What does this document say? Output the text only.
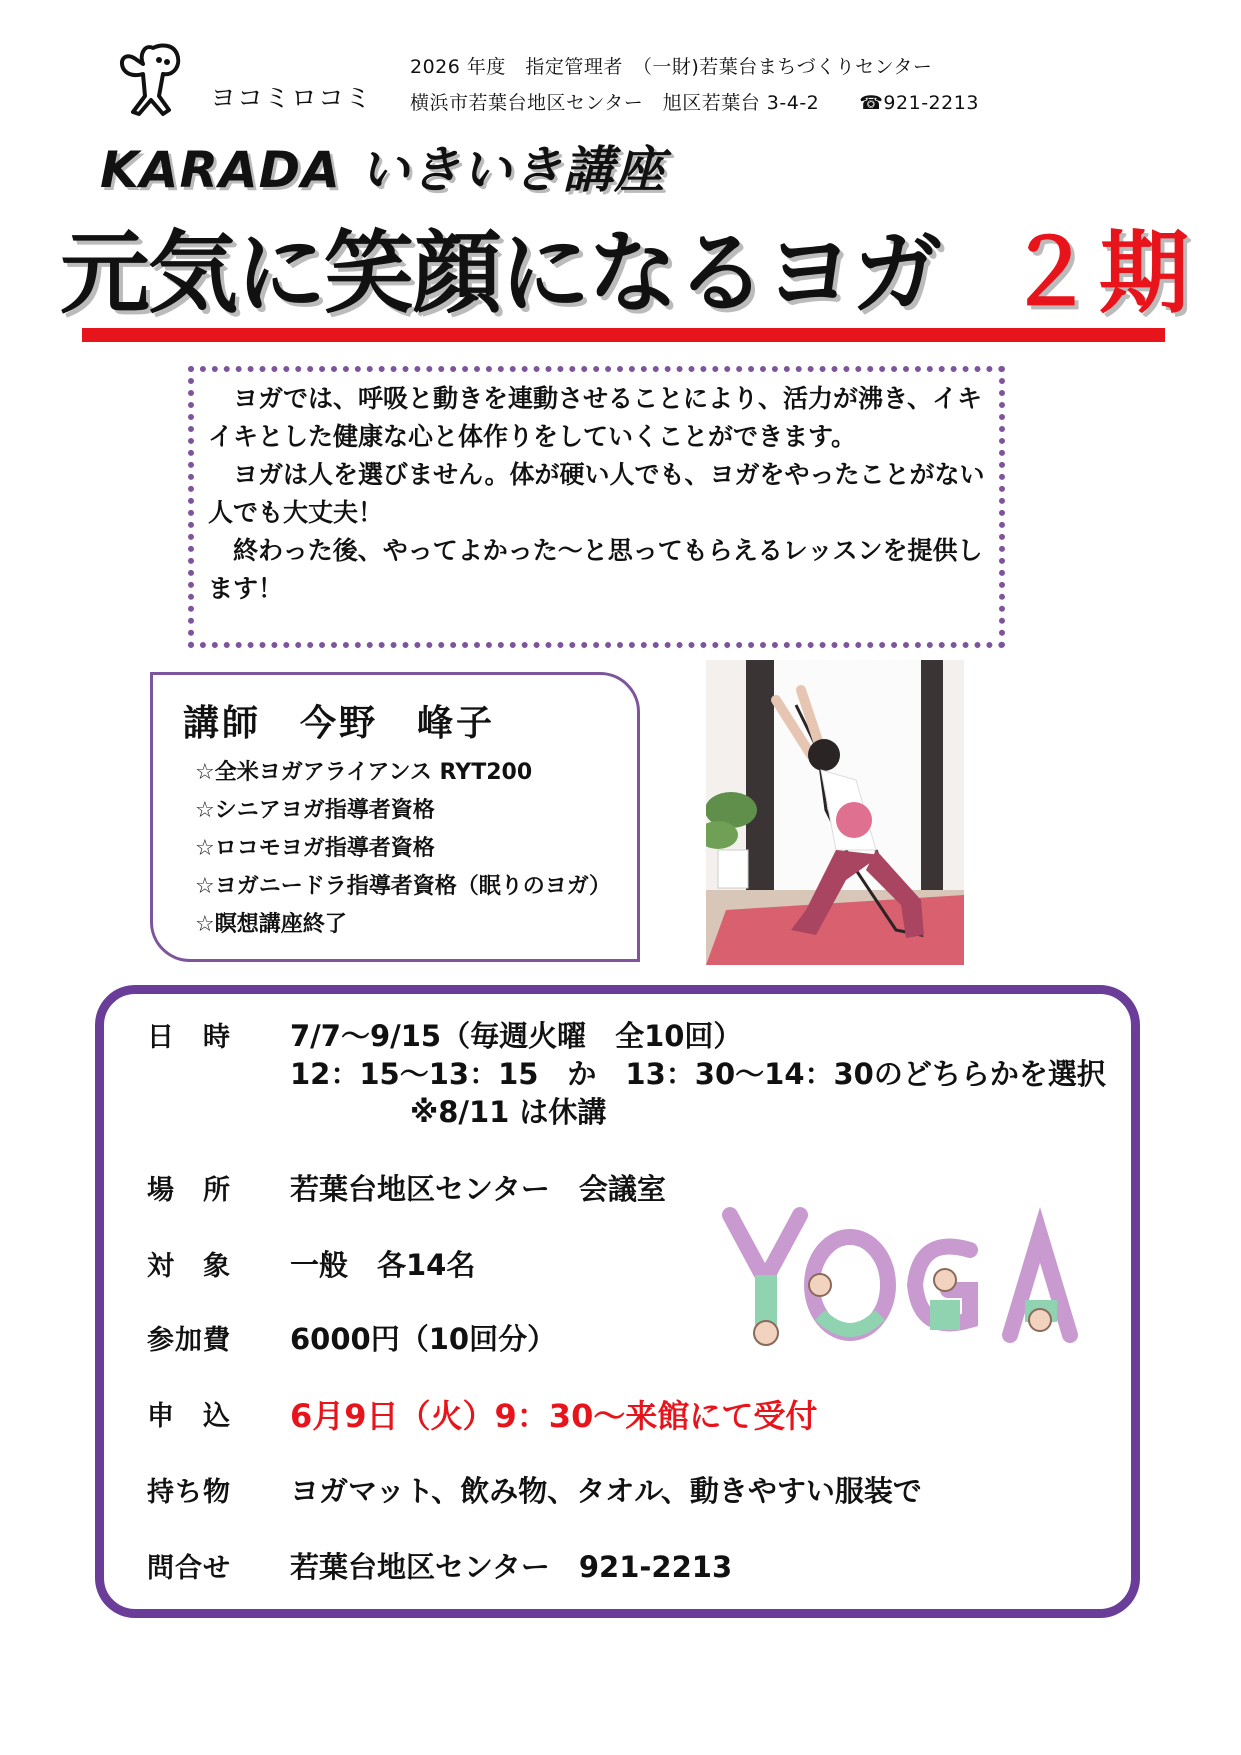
ヨコミロコミ
2026 年度　指定管理者　（一財)若葉台まちづくりセンター
横浜市若葉台地区センター　旭区若葉台 3-4-2 ☎921-2213
KARADA いきいき講座
元気に笑顔になるヨガ ２期

ヨガでは、呼吸と動きを連動させることにより、活力が沸き、イキイキとした健康な心と体作りをしていくことができます。

ヨガは人を選びません。体が硬い人でも、ヨガをやったことがない人でも大丈夫！

終わった後、やってよかった～と思ってもらえるレッスンを提供します！

講師　今野　峰子
☆全米ヨガアライアンス RYT200
☆シニアヨガ指導者資格
☆ロコモヨガ指導者資格
☆ヨガニードラ指導者資格（眠りのヨガ）
☆瞑想講座終了
日　時 7/7～9/15（毎週火曜　全10回）
12：15～13：15　か　13：30～14：30のどちらかを選択
※8/11 は休講
場　所 若葉台地区センター　会議室
対　象 一般　各14名
参加費 6000円（10回分）
申　込 6月9日（火）9：30～来館にて受付
持ち物 ヨガマット、飲み物、タオル、動きやすい服装で
問合せ 若葉台地区センター　921-2213
